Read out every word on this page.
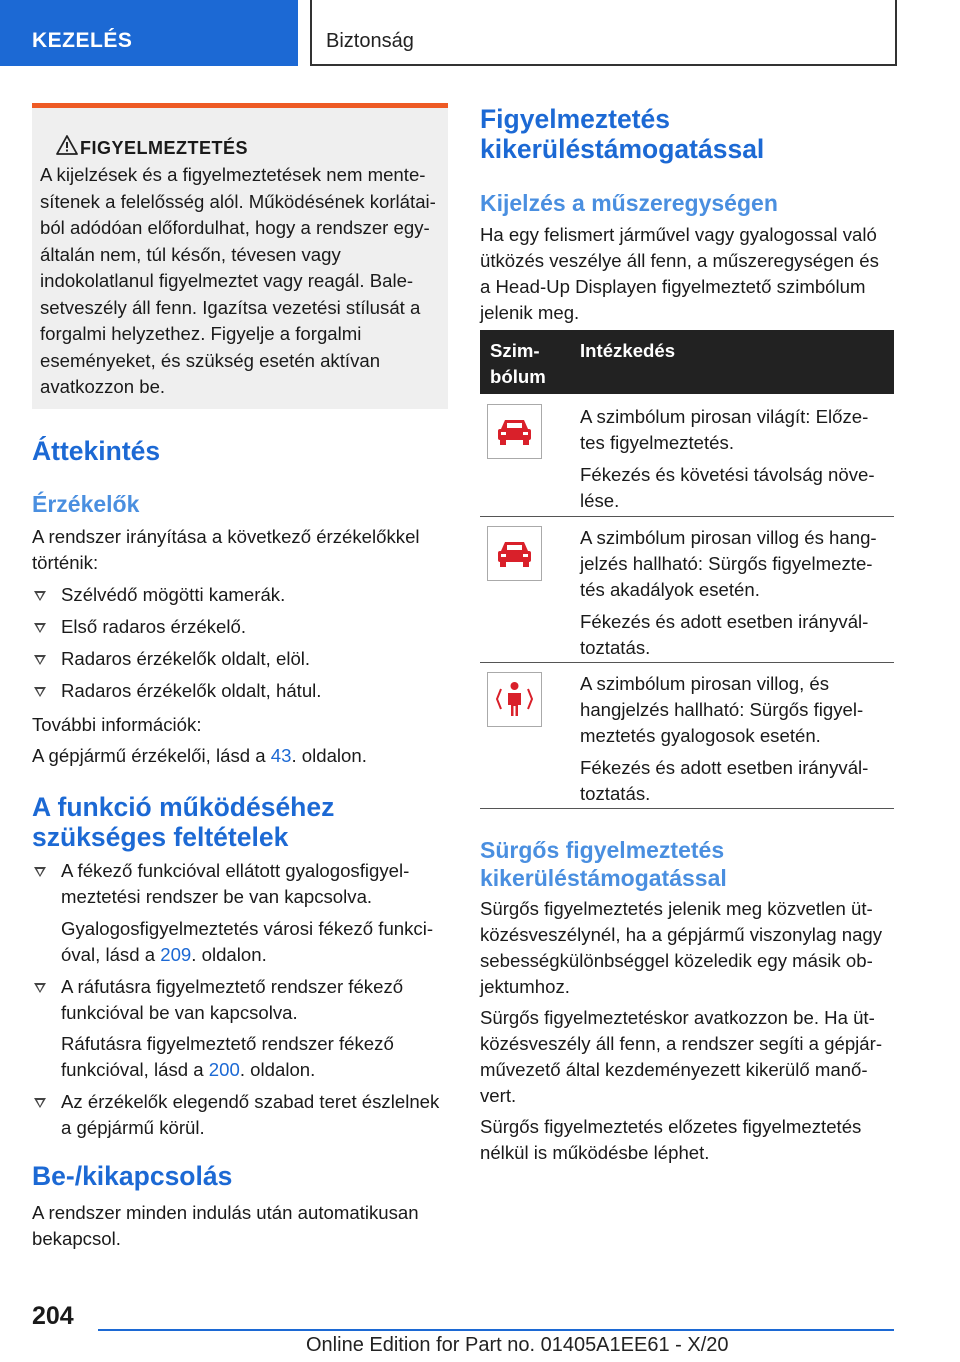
KEZELÉS	Biztonság
FIGYELMEZTETÉS
A kijelzések és a figyelmeztetések nem mente‐
sítenek a felelősség alól. Működésének korlátai‐
ból adódóan előfordulhat, hogy a rendszer egy‐
általán nem, túl későn, tévesen vagy
indokolatlanul figyelmeztet vagy reagál. Bale‐
setveszély áll fenn. Igazítsa vezetési stílusát a
forgalmi helyzethez. Figyelje a forgalmi eseményeket, és szükség esetén aktívan avatkozzon be.
Áttekintés
Érzékelők
A rendszer irányítása a következő érzékelőkkel történik:
Szélvédő mögötti kamerák.
Első radaros érzékelő.
Radaros érzékelők oldalt, elöl.
Radaros érzékelők oldalt, hátul.
További információk:
A gépjármű érzékelői, lásd a 43. oldalon.
A funkció működéséhez
szükséges feltételek
A fékező funkcióval ellátott gyalogosfigyel‐
meztetési rendszer be van kapcsolva.
Gyalogosfigyelmeztetés városi fékező funkci‐
óval, lásd a 209. oldalon.
A ráfutásra figyelmeztető rendszer fékező
funkcióval be van kapcsolva.
Ráfutásra figyelmeztető rendszer fékező
funkcióval, lásd a 200. oldalon.
Az érzékelők elegendő szabad teret észlelnek
a gépjármű körül.
Be-/kikapcsolás
A rendszer minden indulás után automatikusan
bekapcsol.
Figyelmeztetés
kikerüléstámogatással
Kijelzés a műszeregységen
Ha egy felismert járművel vagy gyalogossal való
ütközés veszélye áll fenn, a műszeregységen és
a Head-Up Displayen figyelmeztető szimbólum
jelenik meg.
Szim‐
bólum
Intézkedés
A szimbólum pirosan világít: Előze‐
tes figyelmeztetés.
Fékezés és követési távolság növe‐
lése.
A szimbólum pirosan villog és hang‐
jelzés hallható: Sürgős figyelmezte‐
tés akadályok esetén.
Fékezés és adott esetben irányvál‐
toztatás.
A szimbólum pirosan villog, és
hangjelzés hallható: Sürgős figyel‐
meztetés gyalogosok esetén.
Fékezés és adott esetben irányvál‐
toztatás.
Sürgős figyelmeztetés
kikerüléstámogatással
Sürgős figyelmeztetés jelenik meg közvetlen üt‐
közésveszélynél, ha a gépjármű viszonylag nagy
sebességkülönbséggel közeledik egy másik ob‐
jektumhoz.
Sürgős figyelmeztetéskor avatkozzon be. Ha üt‐
közésveszély áll fenn, a rendszer segíti a gépjár‐
művezető által kezdeményezett kikerülő manő‐
vert.
Sürgős figyelmeztetés előzetes figyelmeztetés
nélkül is működésbe léphet.
204
Online Edition for Part no. 01405A1EE61 - X/20
